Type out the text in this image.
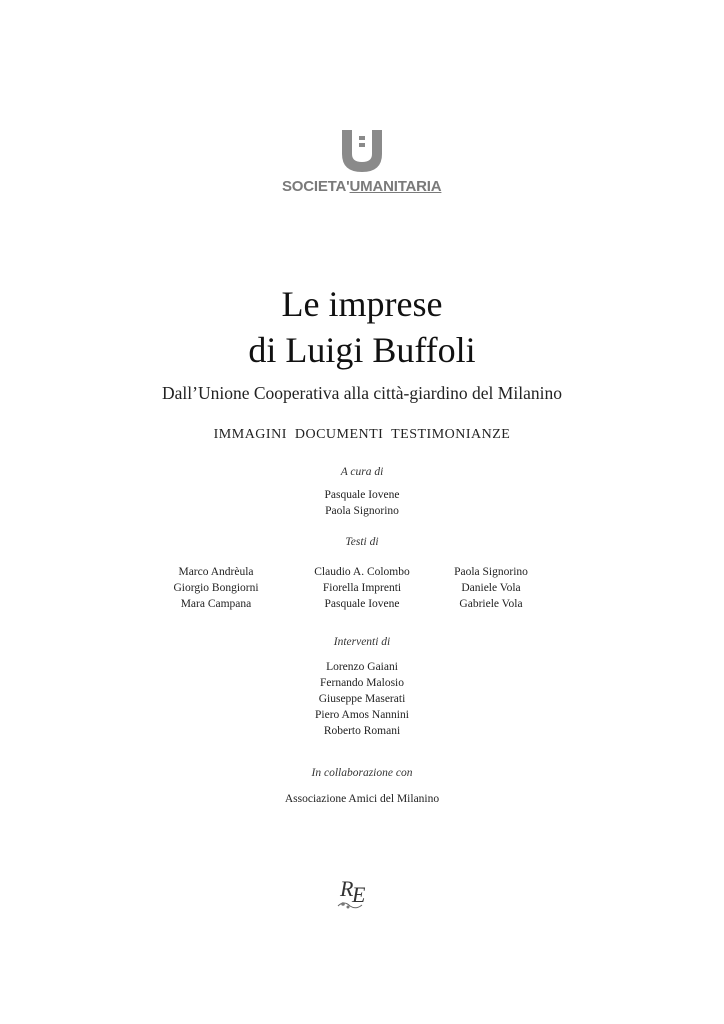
SOCIETA'UMANITARIA
Le imprese
di Luigi Buffoli
Dall’Unione Cooperativa alla città-giardino del Milanino
IMMAGINI  DOCUMENTI  TESTIMONIANZE
A cura di
Pasquale Iovene
Paola Signorino
Testi di
Marco Andrèula
Giorgio Bongiorni
Mara Campana
Claudio A. Colombo
Fiorella Imprenti
Pasquale Iovene
Paola Signorino
Daniele Vola
Gabriele Vola
Interventi di
Lorenzo Gaiani
Fernando Malosio
Giuseppe Maserati
Piero Amos Nannini
Roberto Romani
In collaborazione con
Associazione Amici del Milanino
R
E
